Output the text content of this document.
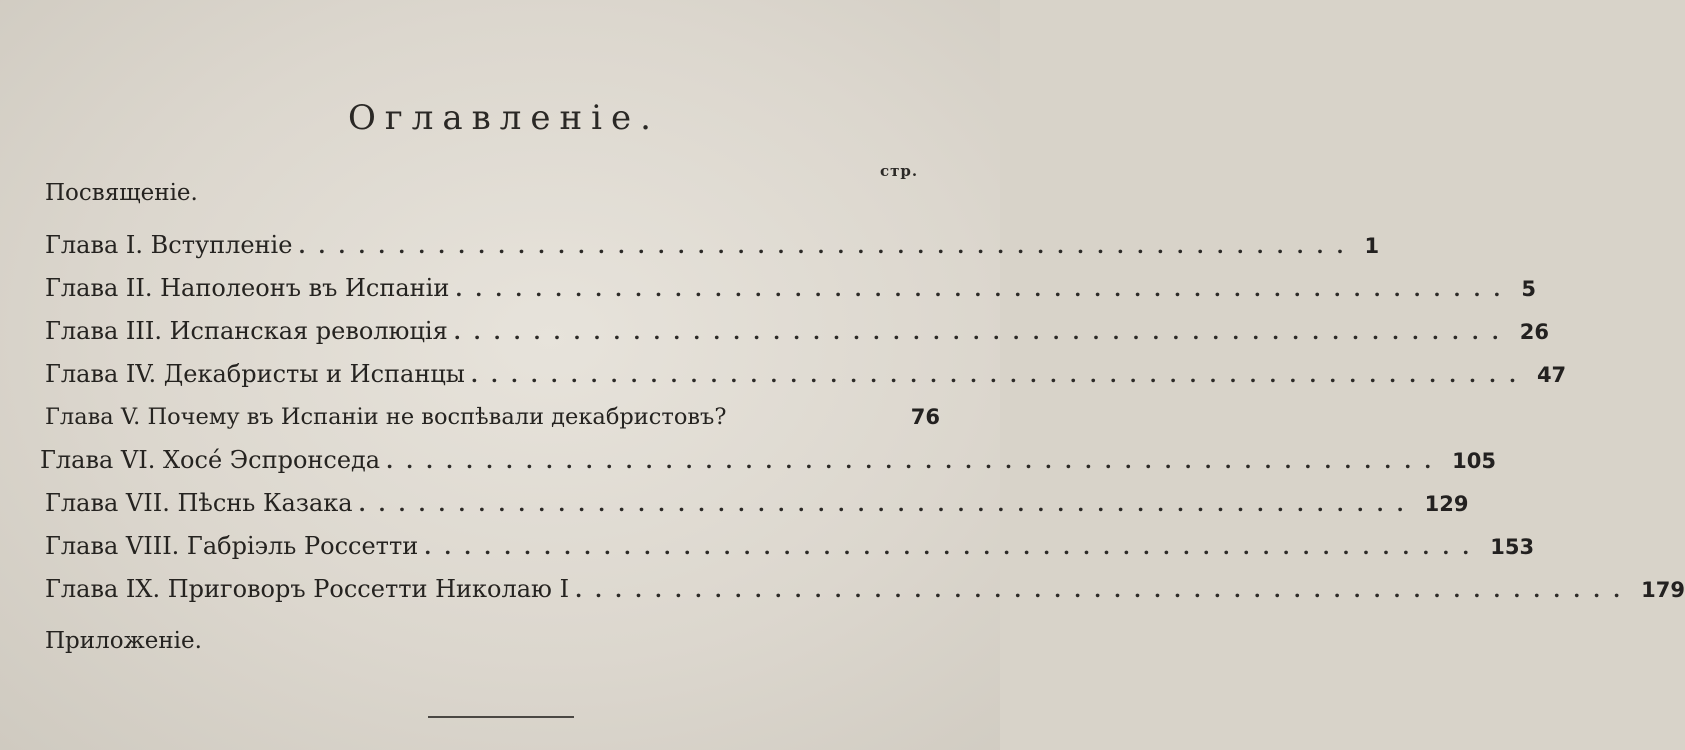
Оглавленіе.
стр.
Посвященіе.
Глава I. Вступленіе ..................................................... 1
Глава II. Наполеонъ въ Испаніи ..................................................... 5
Глава III. Испанская революція ..................................................... 26
Глава IV. Декабристы и Испанцы ..................................................... 47
Глава V. Почему въ Испаніи не воспѣвали декабристовъ?	76
Глава VI. Хосé Эспронседа ..................................................... 105
Глава VII. Пѣснь Казака ..................................................... 129
Глава VIII. Габріэль Россетти ..................................................... 153
Глава IX. Приговоръ Россетти Николаю I ..................................................... 179
Приложеніе.
